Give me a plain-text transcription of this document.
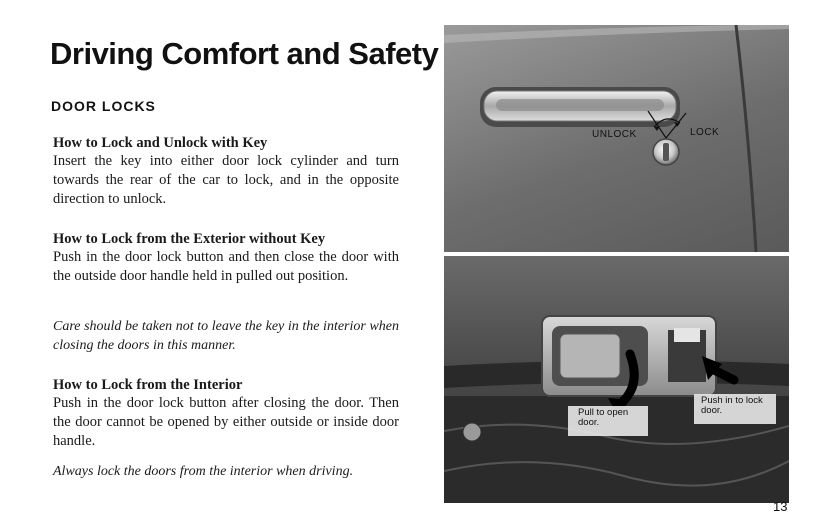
Driving Comfort and Safety
DOOR LOCKS

How to Lock and Unlock with Key

Insert the key into either door lock cylinder and turn towards the rear of the car to lock, and in the opposite direction to unlock.

How to Lock from the Exterior without Key

Push in the door lock button and then close the door with the outside door handle held in pulled out position.

Care should be taken not to leave the key in the interior when closing the doors in this manner.

How to Lock from the Interior

Push in the door lock button after closing the door. Then the door cannot be opened by either outside or inside door handle.

Always lock the doors from the interior when driving.

UNLOCK	LOCK
Pull to open door.
Push in to lock door.
13
